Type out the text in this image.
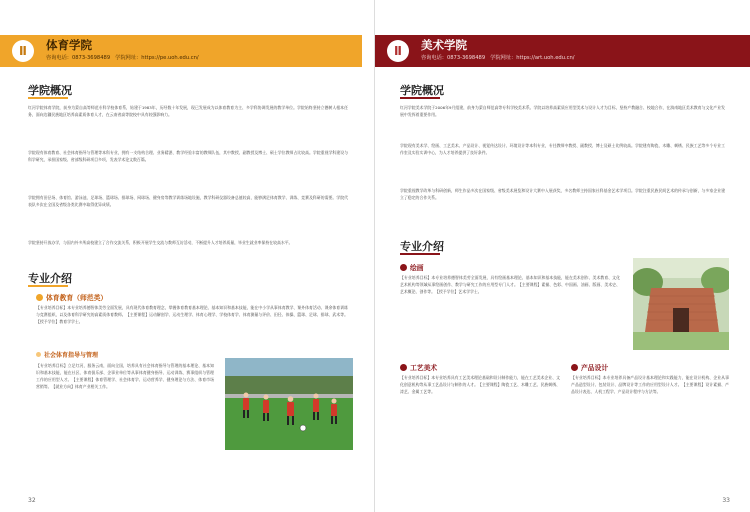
Ⅱ	体育学院
咨询电话：0873-3698489　学院网址：https://pe.uoh.edu.cn/
学院概况
红河学院体育学院，前身为蒙自高等师范专科学校体育系，始建于1983年，历经数十年发展，现已发展成为以体育教育为主、多学科协调发展的教学单位。学院始终坚持立德树人根本任务，面向边疆民族地区培养高素质体育人才，在云南省高等院校中具有较强影响力。
学院现有体育教育、社会体育指导与管理等本科专业，拥有一支结构合理、业务精湛、教学经验丰富的教师队伍，其中教授、副教授及博士、硕士学位教师占比较高。学院重视学科建设与科学研究，承担国家级、省部级科研项目多项，发表学术论文数百篇。
学院拥有田径场、体育馆、游泳池、足球场、篮球场、排球场、网球场、健身房等教学训练场地设施，教学科研仪器设备总值较高，能够满足体育教学、训练、竞赛及科研的需要。学院代表队多次在全国及省级各类比赛中取得优异成绩。
学院坚持开放办学，与国内外多所高校建立了合作交流关系，积极开展学生交流与教师互访活动，不断提升人才培养质量，毕业生就业率保持在较高水平。
专业介绍
体育教育（师范类）
【专业培养目标】本专业培养德智体美劳全面发展，具有现代体育教育理念，掌握体育教育基本理论、基本知识和基本技能，能在中小学从事体育教学、课外体育活动、课余体育训练与竞赛组织，以及体育科学研究的高素质体育教师。【主要课程】运动解剖学、运动生理学、体育心理学、学校体育学、体育测量与评价、田径、体操、篮球、足球、排球、武术等。【授予学位】教育学学士。
社会体育指导与管理
【专业培养目标】立足红河，服务云南，面向全国，培养具有社会体育指导与管理的基本理论、基本知识和基本技能，能在社区、体育俱乐部、企事业单位等从事体育健身指导、运动训练、赛事组织与管理工作的应用型人才。【主要课程】体育管理学、社会体育学、运动营养学、健身理论与方法、体育市场营销等。【就业方向】体育产业相关工作。
32
Ⅱ	美术学院
咨询电话：0873-3698489　学院网址：https://art.uoh.edu.cn/
学院概况
红河学院美术学院于2006年9月组建，前身为蒙自师范高等专科学校美术系。学院以培养高素质应用型美术与设计人才为目标，坚持产教融合、校地合作，在滇南地区美术教育与文化产业发展中发挥着重要作用。
学院现有美术学、绘画、工艺美术、产品设计、视觉传达设计、环境设计等本科专业，专任教师中教授、副教授、博士及硕士比例较高。学院建有陶瓷、木雕、刺绣、民族工艺等多个专业工作室及实验实训中心，为人才培养提供了良好条件。
学院重视教学改革与科研创新，师生作品多次在国家级、省级美术展览和设计大赛中入展获奖，多名教师主持国家社科基金艺术学项目。学院注重民族民间艺术的传承与创新，与多家企业建立了稳定的合作关系。
专业介绍
绘画
【专业培养目标】本专业培养德智体美劳全面发展，具有绘画基本理论、基本知识和基本技能，能在美术创作、美术教育、文化艺术机构等领域从事绘画创作、教学与研究工作的应用型专门人才。【主要课程】素描、色彩、中国画、油画、版画、美术史、艺术概论、创作等。【授予学位】艺术学学士。
工艺美术
【专业培养目标】本专业培养具有工艺美术理论基础和设计制作能力，能在工艺美术企业、文化创意机构等从事工艺品设计与制作的人才。【主要课程】陶瓷工艺、木雕工艺、民族刺绣、漆艺、金属工艺等。
产品设计
【专业培养目标】本专业培养具备产品设计基本理论和实践能力，能在设计机构、企业从事产品造型设计、包装设计、品牌设计等工作的应用型设计人才。【主要课程】设计素描、产品设计表达、人机工程学、产品设计程序与方法等。
33
